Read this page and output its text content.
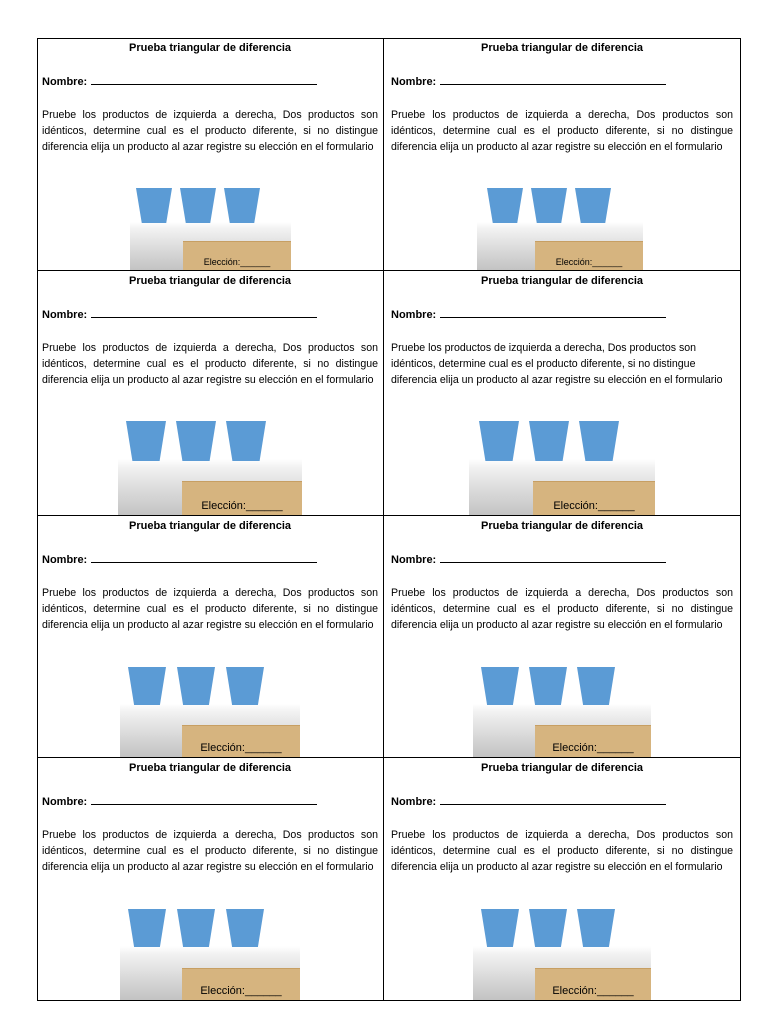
Prueba triangular de diferencia
Nombre:
Pruebe los productos de izquierda a derecha, Dos productos son idénticos, determine cual es el producto diferente, si no distingue diferencia elija un producto al azar registre su elección en el formulario
Elección:______
Prueba triangular de diferencia
Nombre:
Pruebe los productos de izquierda a derecha, Dos productos son idénticos, determine cual es el producto diferente, si no distingue diferencia elija un producto al azar registre su elección en el formulario
Elección:______
Prueba triangular de diferencia
Nombre:
Pruebe los productos de izquierda a derecha, Dos productos son idénticos, determine cual es el producto diferente, si no distingue diferencia elija un producto al azar registre su elección en el formulario
Elección:______
Prueba triangular de diferencia
Nombre:
Pruebe los productos de izquierda a derecha, Dos productos son idénticos, determine cual es el producto diferente, si no distingue diferencia elija un producto al azar registre su elección en el formulario
Elección:______
Prueba triangular de diferencia
Nombre:
Pruebe los productos de izquierda a derecha, Dos productos son idénticos, determine cual es el producto diferente, si no distingue diferencia elija un producto al azar registre su elección en el formulario
Elección:______
Prueba triangular de diferencia
Nombre:
Pruebe los productos de izquierda a derecha, Dos productos son idénticos, determine cual es el producto diferente, si no distingue diferencia elija un producto al azar registre su elección en el formulario
Elección:______
Prueba triangular de diferencia
Nombre:
Pruebe los productos de izquierda a derecha, Dos productos son idénticos, determine cual es el producto diferente, si no distingue diferencia elija un producto al azar registre su elección en el formulario
Elección:______
Prueba triangular de diferencia
Nombre:
Pruebe los productos de izquierda a derecha, Dos productos son idénticos, determine cual es el producto diferente, si no distingue diferencia elija un producto al azar registre su elección en el formulario
Elección:______
